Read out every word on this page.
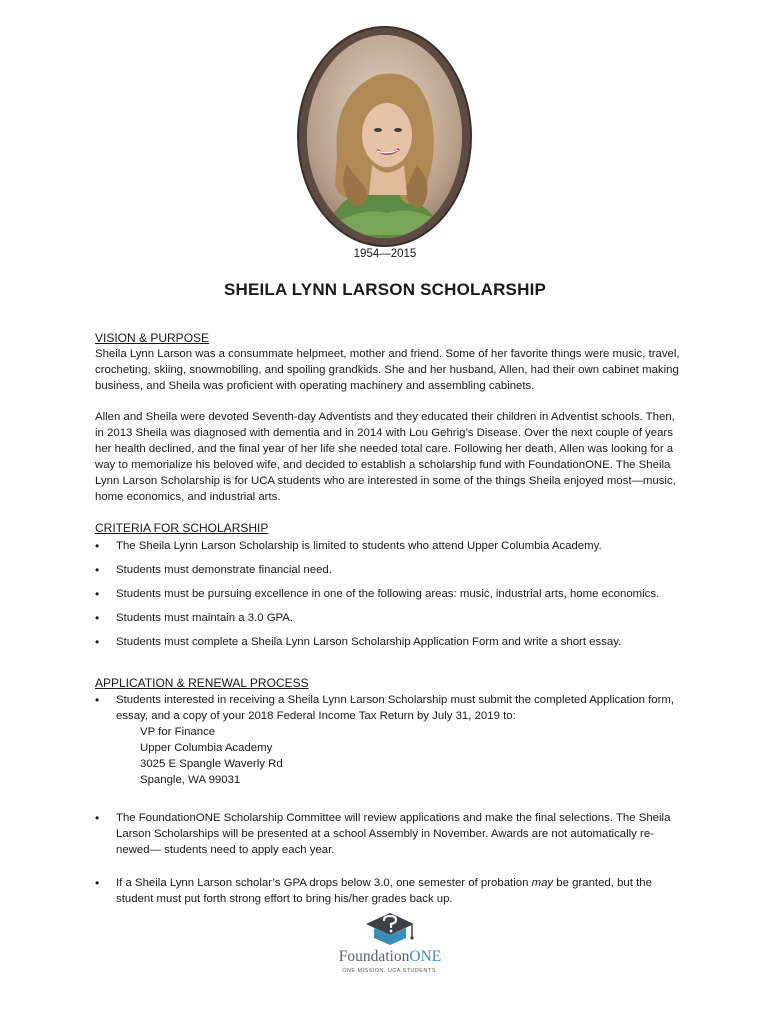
1954—2015
SHEILA LYNN LARSON SCHOLARSHIP
VISION & PURPOSE

Sheila Lynn Larson was a consummate helpmeet, mother and friend. Some of her favorite things were music, travel, crocheting, skiing, snowmobiling, and spoiling grandkids. She and her husband, Allen, had their own cabinet making business, and Sheila was proficient with operating machinery and assembling cabinets.

Allen and Sheila were devoted Seventh-day Adventists and they educated their children in Adventist schools. Then, in 2013 Sheila was diagnosed with dementia and in 2014 with Lou Gehrig’s Disease. Over the next couple of years her health declined, and the final year of her life she needed total care. Following her death, Allen was looking for a way to memorialize his beloved wife, and decided to establish a scholarship fund with FoundationONE. The Sheila Lynn Larson Scholarship is for UCA students who are interested in some of the things Sheila enjoyed most—music, home economics, and industrial arts.

CRITERIA FOR SCHOLARSHIP
• The Sheila Lynn Larson Scholarship is limited to students who attend Upper Columbia Academy.
• Students must demonstrate financial need.
• Students must be pursuing excellence in one of the following areas: music, industrial arts, home economics.
• Students must maintain a 3.0 GPA.
• Students must complete a Sheila Lynn Larson Scholarship Application Form and write a short essay.
APPLICATION & RENEWAL PROCESS
• Students interested in receiving a Sheila Lynn Larson Scholarship must submit the completed Application form, essay, and a copy of your 2018 Federal Income Tax Return by July 31, 2019 to:
VP for Finance
Upper Columbia Academy
3025 E Spangle Waverly Rd
Spangle, WA 99031
• The FoundationONE Scholarship Committee will review applications and make the final selections. The Sheila Larson Scholarships will be presented at a school Assembly in November. Awards are not automatically re-newed— students need to apply each year.
• If a Sheila Lynn Larson scholar’s GPA drops below 3.0, one semester of probation may be granted, but the student must put forth strong effort to bring his/her grades back up.
FoundationONE
ONE MISSION. UCA STUDENTS.
